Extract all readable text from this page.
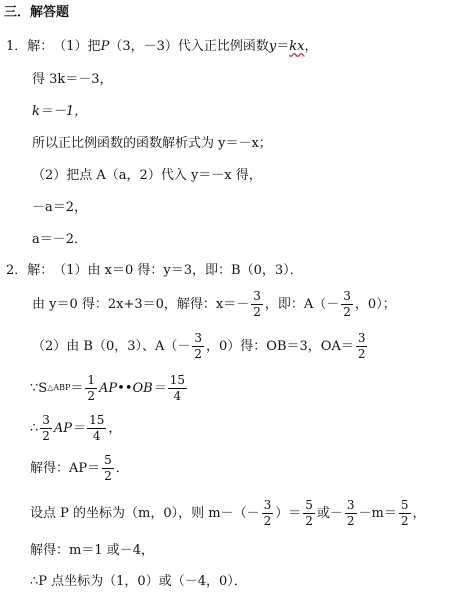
三．解答题
1．解： （1）把 P （3，－3）代入正比例函数 y ＝ kx ，
得 3k＝－3，
k＝－1，
所以正比例函数的函数解析式为 y＝－x；
（2）把点 A（a，2）代入 y＝－x 得，
－a＝2，
a＝－2．
2．解： （1）由 x＝0 得：y＝3，即：B（0，3）．
由 y＝0 得：2x+3＝0，解得：$x=- \frac{3}{2}$ ，即：$A(- \frac{3}{2}$ ，0）；
（2）由 B（0，3）、$A(- \frac{3}{2}$ ，0）得：OB＝3，$OA= \frac{3}{2}$
∵S △ABP ＝ $\frac{1}{2}$ AP••OB＝ $\frac{15}{4}$
∴ $\frac{3}{2} AP= \frac{15}{4}$ ，
解得：$AP= \frac{5}{2}$ ．
设点 P 的坐标为（m，0），则 $m-(- \frac{3}{2}$ ）＝ $\frac{5}{2}$ 或－ $\frac{3}{2} -m= \frac{5}{2}$ ，
解得：m＝1 或－4，
∴P 点坐标为（1，0）或（－4，0）．
